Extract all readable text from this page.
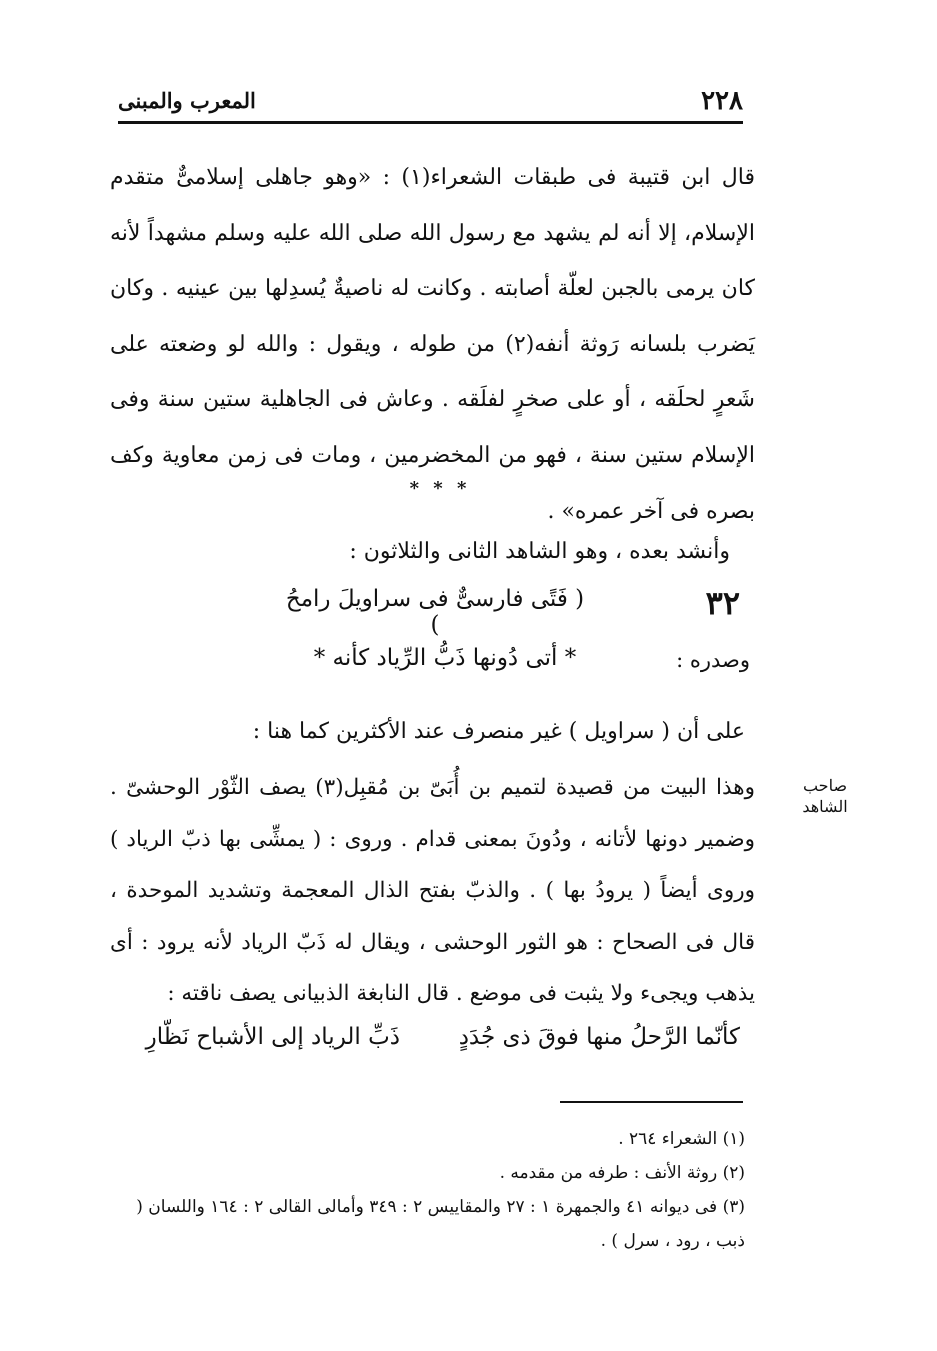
٢٢٨
المعرب والمبنى

قال ابن قتيبة فى طبقات الشعراء(١) : «وهو جاهلى إسلامىٌّ متقدم الإسلام، إلا أنه لم يشهد مع رسول الله صلى الله عليه وسلم مشهداً لأنه كان يرمى بالجبن لعلّة أصابته . وكانت له ناصيةٌ يُسدِلها بين عينيه . وكان يَضرب بلسانه رَوثة أنفه(٢) من طوله ، ويقول : والله لو وضعته على شَعرٍ لحلَقه ، أو على صخرٍ لفلَقه . وعاش فى الجاهلية ستين سنة وفى الإسلام ستين سنة ، فهو من المخضرمين ، ومات فى زمن معاوية وكف بصره فى آخر عمره» .

* * *
وأنشد بعده ، وهو الشاهد الثانى والثلاثون :
٣٢
( فَتًى فارسىٌّ فى سراويلَ رامحُ )
وصدره :
* أتى دُونها ذَبُّ الرِّياد كأنه *
على أن ( سراويل ) غير منصرف عند الأكثرين كما هنا :
صاحب
الشاهد

وهذا البيت من قصيدة لتميم بن أُبَىّ بن مُقبِل(٣) يصف الثّوْر الوحشىّ . وضمير دونها لأتانه ، ودُونَ بمعنى قدام . وروى : ( يمشِّى بها ذبّ الرياد ) وروى أيضاً ( يرودُ بها ) . والذبّ بفتح الذال المعجمة وتشديد الموحدة ، قال فى الصحاح : هو الثور الوحشى ، ويقال له ذَبّ الرياد لأنه يرود : أى يذهب ويجىء ولا يثبت فى موضع . قال النابغة الذبيانى يصف ناقته :

كأنّما الرَّحلُ منها فوقَ ذى جُدَدٍ
ذَبِّ الرياد إلى الأشباح نَظّارِ
(١) الشعراء ٢٦٤ .
(٢) روثة الأنف : طرفه من مقدمه .
(٣) فى ديوانه ٤١ والجمهرة ١ : ٢٧ والمقاييس ٢ : ٣٤٩ وأمالى القالى ٢ : ١٦٤ واللسان ( ذبب ، رود ، سرل ) .
